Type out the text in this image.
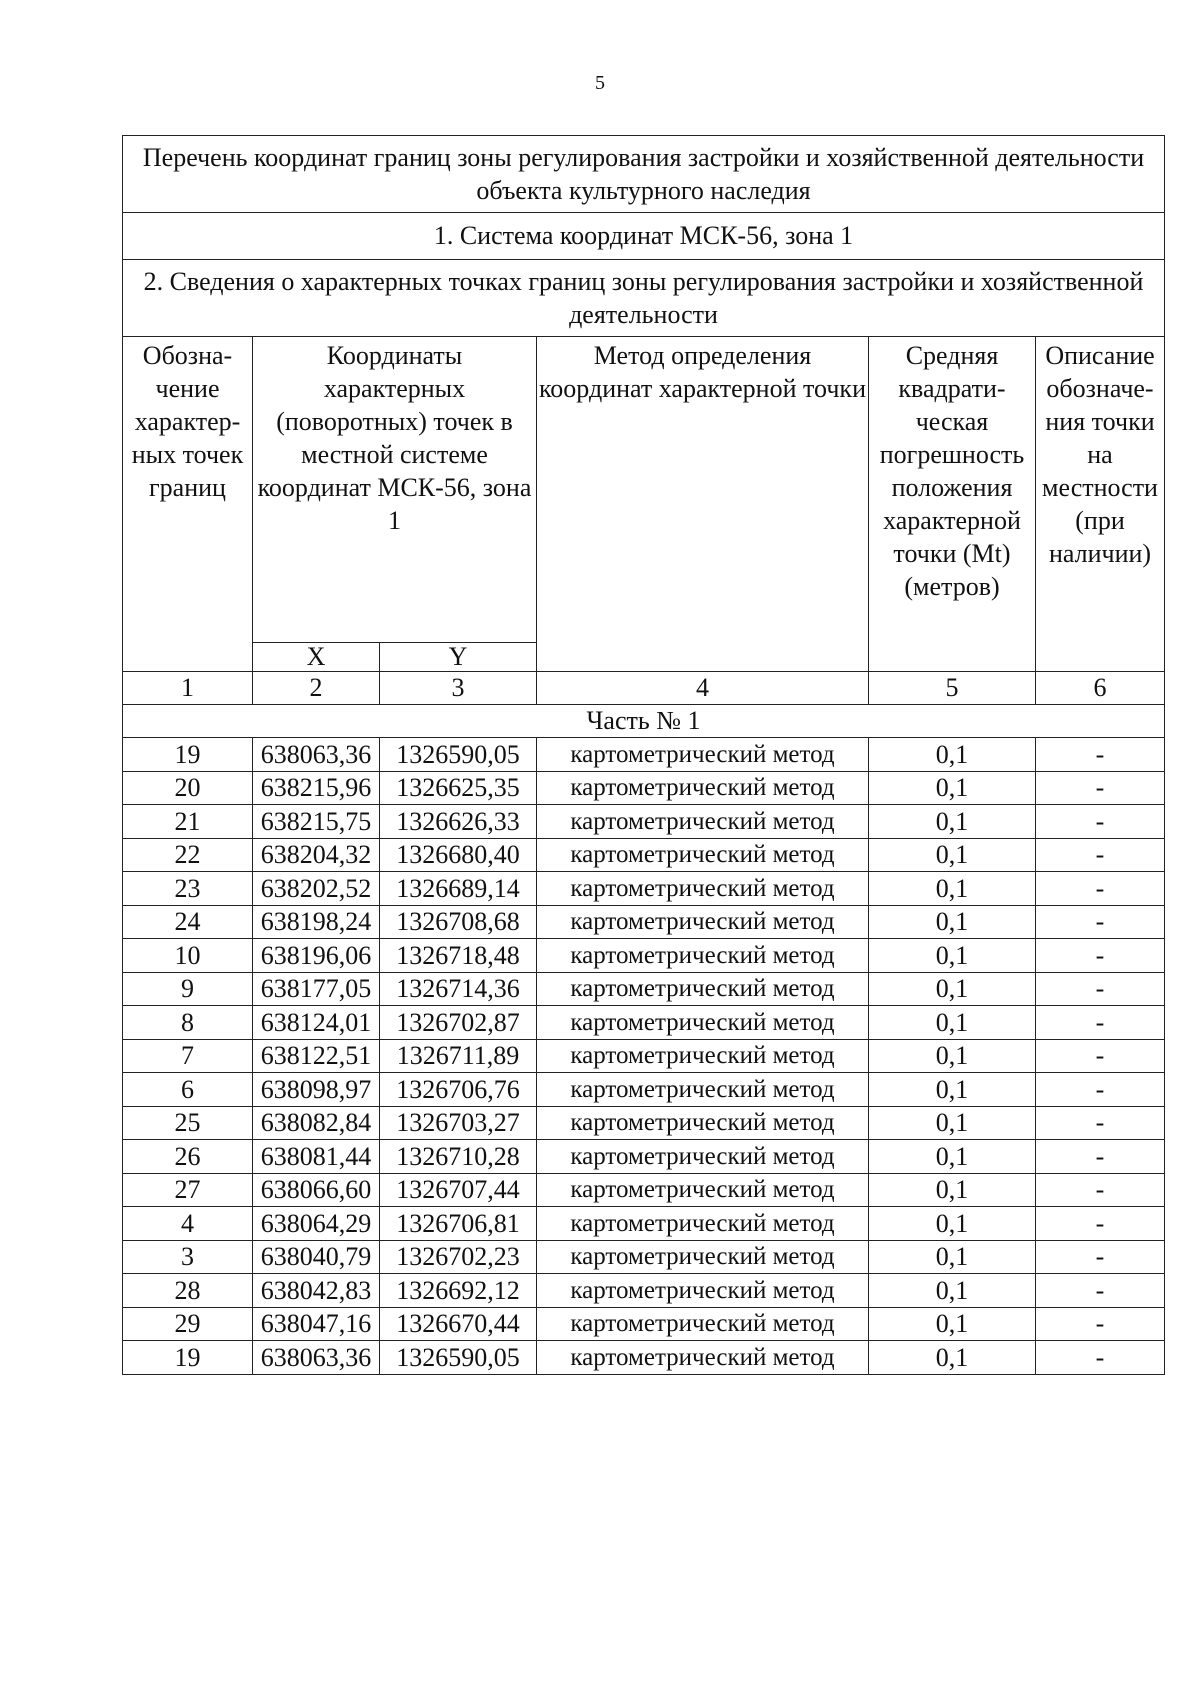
5
Перечень координат границ зоны регулирования застройки и хозяйственной деятельности объекта культурного наследия					
1. Система координат МСК-56, зона 1					
2. Сведения о характерных точках границ зоны регулирования застройки и хозяйственной деятельности					
Обозна- чение характер- ных точек границ	Координаты характерных (поворотных) точек в местной системе координат МСК-56, зона 1		Метод определения координат характерной точки	Средняя квадрати- ческая погрешность положения характерной точки (Mt) (метров)	Описание обозначе- ния точки на местности (при наличии)
	X	Y			
1	2	3	4	5	6
Часть № 1					
19	638063,36	1326590,05	картометрический метод	0,1	-
20	638215,96	1326625,35	картометрический метод	0,1	-
21	638215,75	1326626,33	картометрический метод	0,1	-
22	638204,32	1326680,40	картометрический метод	0,1	-
23	638202,52	1326689,14	картометрический метод	0,1	-
24	638198,24	1326708,68	картометрический метод	0,1	-
10	638196,06	1326718,48	картометрический метод	0,1	-
9	638177,05	1326714,36	картометрический метод	0,1	-
8	638124,01	1326702,87	картометрический метод	0,1	-
7	638122,51	1326711,89	картометрический метод	0,1	-
6	638098,97	1326706,76	картометрический метод	0,1	-
25	638082,84	1326703,27	картометрический метод	0,1	-
26	638081,44	1326710,28	картометрический метод	0,1	-
27	638066,60	1326707,44	картометрический метод	0,1	-
4	638064,29	1326706,81	картометрический метод	0,1	-
3	638040,79	1326702,23	картометрический метод	0,1	-
28	638042,83	1326692,12	картометрический метод	0,1	-
29	638047,16	1326670,44	картометрический метод	0,1	-
19	638063,36	1326590,05	картометрический метод	0,1	-
